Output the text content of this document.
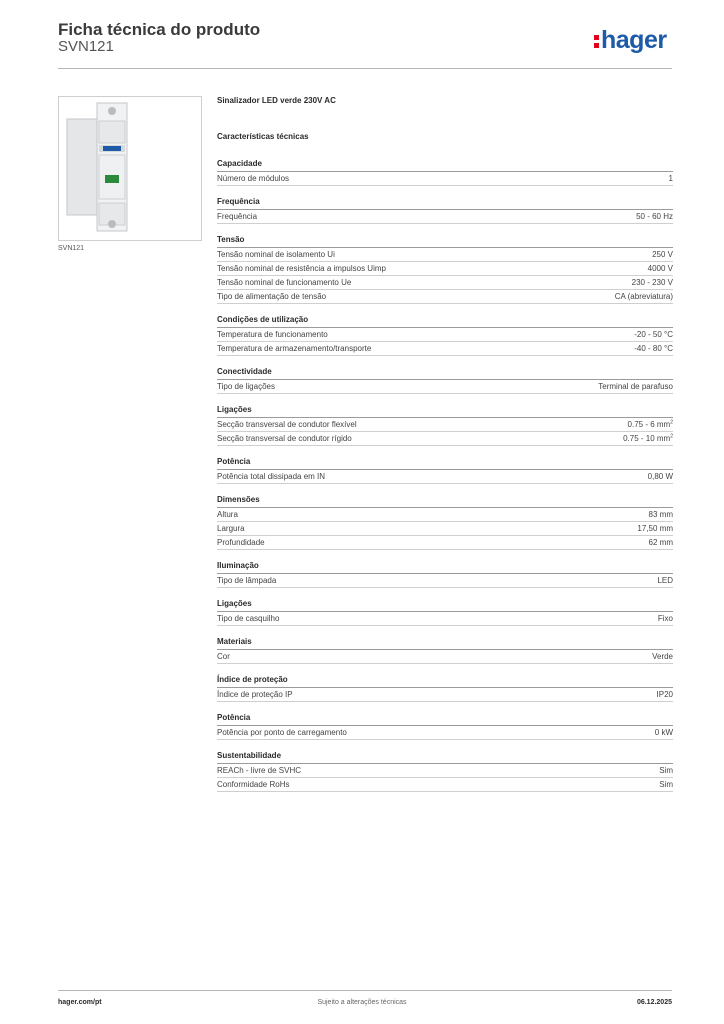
Ficha técnica do produto
SVN121	hager
SVN121
Sinalizador LED verde 230V AC
Características técnicas
Capacidade
Número de módulos	1
Frequência
Frequência	50 - 60 Hz
Tensão
Tensão nominal de isolamento Ui	250 V
Tensão nominal de resistência a impulsos Uimp	4000 V
Tensão nominal de funcionamento Ue	230 - 230 V
Tipo de alimentação de tensão	CA (abreviatura)
Condições de utilização
Temperatura de funcionamento	-20 - 50 °C
Temperatura de armazenamento/transporte	-40 - 80 °C
Conectividade
Tipo de ligações	Terminal de parafuso
Ligações
Secção transversal de condutor flexível	0.75 - 6 $mm^2$
Secção transversal de condutor rígido	0.75 - 10 $mm^2$
Potência
Potência total dissipada em IN	0,80 W
Dimensões
Altura	83 mm
Largura	17,50 mm
Profundidade	62 mm
Iluminação
Tipo de lâmpada	LED
Ligações
Tipo de casquilho	Fixo
Materiais
Cor	Verde
Índice de proteção
Índice de proteção IP	IP20
Potência
Potência por ponto de carregamento	0 kW
Sustentabilidade
REACh - livre de SVHC	Sim
Conformidade RoHs	Sim
hager.com/pt	Sujeito a alterações técnicas	06.12.2025
